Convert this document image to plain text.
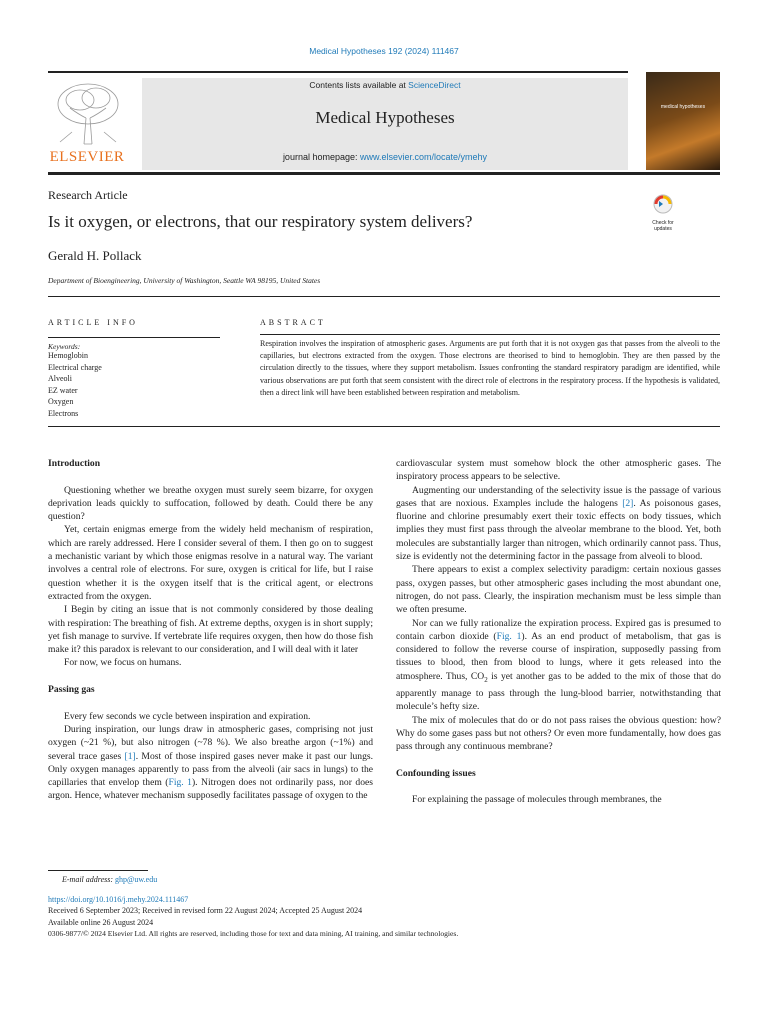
Medical Hypotheses 192 (2024) 111467
ELSEVIER
Contents lists available at ScienceDirect
Medical Hypotheses
journal homepage: www.elsevier.com/locate/ymehy
medical hypotheses
Research Article
Is it oxygen, or electrons, that our respiratory system delivers?	Check for updates
Gerald H. Pollack
Department of Bioengineering, University of Washington, Seattle WA 98195, United States
ARTICLE INFO	ABSTRACT
Keywords:
Hemoglobin
Electrical charge
Alveoli
EZ water
Oxygen
Electrons
Respiration involves the inspiration of atmospheric gases. Arguments are put forth that it is not oxygen gas that passes from the alveoli to the capillaries, but electrons extracted from the oxygen. Those electrons are theorised to bind to hemoglobin. They are then passed by the circulation directly to the tissues, where they support metabolism. Issues confronting the standard respiratory paradigm are identified, while various observations are put forth that seem consistent with the direct role of electrons in the respiratory process. If the hypothesis is validated, then a direct link will have been established between respiration and metabolism.
Introduction

Questioning whether we breathe oxygen must surely seem bizarre, for oxygen deprivation leads quickly to suffocation, followed by death. Could there be any question?

Yet, certain enigmas emerge from the widely held mechanism of respiration, which are rarely addressed. Here I consider several of them. I then go on to suggest a mechanistic variant by which those enigmas resolve in a natural way. The variant involves a central role of electrons. For sure, oxygen is critical for life, but I raise question whether it is the oxygen itself that is the critical agent, or electrons extracted from the oxygen.

I Begin by citing an issue that is not commonly considered by those dealing with respiration: The breathing of fish. At extreme depths, oxygen is in short supply; yet fish manage to survive. If vertebrate life requires oxygen, then how do those fish make it? this paradox is relevant to our consideration, and I will deal with it later

For now, we focus on humans.

Passing gas

Every few seconds we cycle between inspiration and expiration.

During inspiration, our lungs draw in atmospheric gases, comprising not just oxygen (~21 %), but also nitrogen (~78 %). We also breathe argon (~1%) and several trace gases [1]. Most of those inspired gases never make it past our lungs. Only oxygen manages apparently to pass from the alveoli (air sacs in lungs) to the capillaries that envelop them (Fig. 1). Nitrogen does not ordinarily pass, nor does argon. Hence, whatever mechanism supposedly facilitates passage of oxygen to the

cardiovascular system must somehow block the other atmospheric gases. The inspiratory process appears to be selective.

Augmenting our understanding of the selectivity issue is the passage of various gases that are noxious. Examples include the halogens [2]. As poisonous gases, fluorine and chlorine presumably exert their toxic effects on body tissues, which implies they must first pass through the alveolar membrane to the blood. Yet, both molecules are substantially larger than nitrogen, which ordinarily cannot pass. Thus, size is evidently not the determining factor in the passage from alveoli to blood.

There appears to exist a complex selectivity paradigm: certain noxious gasses pass, oxygen passes, but other atmospheric gases including the most abundant one, nitrogen, do not pass. Clearly, the inspiration mechanism must be less simple than we often presume.

Nor can we fully rationalize the expiration process. Expired gas is presumed to contain carbon dioxide (Fig. 1). As an end product of metabolism, that gas is considered to follow the reverse course of inspiration, supposedly passing from tissues to blood, then from blood to lungs, where it gets released into the atmosphere. Thus, $CO_2$ is yet another gas to be added to the mix of those that do apparently manage to pass through the lung-blood barrier, notwithstanding that molecule’s hefty size.

The mix of molecules that do or do not pass raises the obvious question: how? Why do some gases pass but not others? Or even more fundamentally, how does gas pass through any continuous membrane?

Confounding issues

For explaining the passage of molecules through membranes, the

E-mail address: ghp@uw.edu
https://doi.org/10.1016/j.mehy.2024.111467
Received 6 September 2023; Received in revised form 22 August 2024; Accepted 25 August 2024
Available online 26 August 2024
0306-9877/© 2024 Elsevier Ltd. All rights are reserved, including those for text and data mining, AI training, and similar technologies.
